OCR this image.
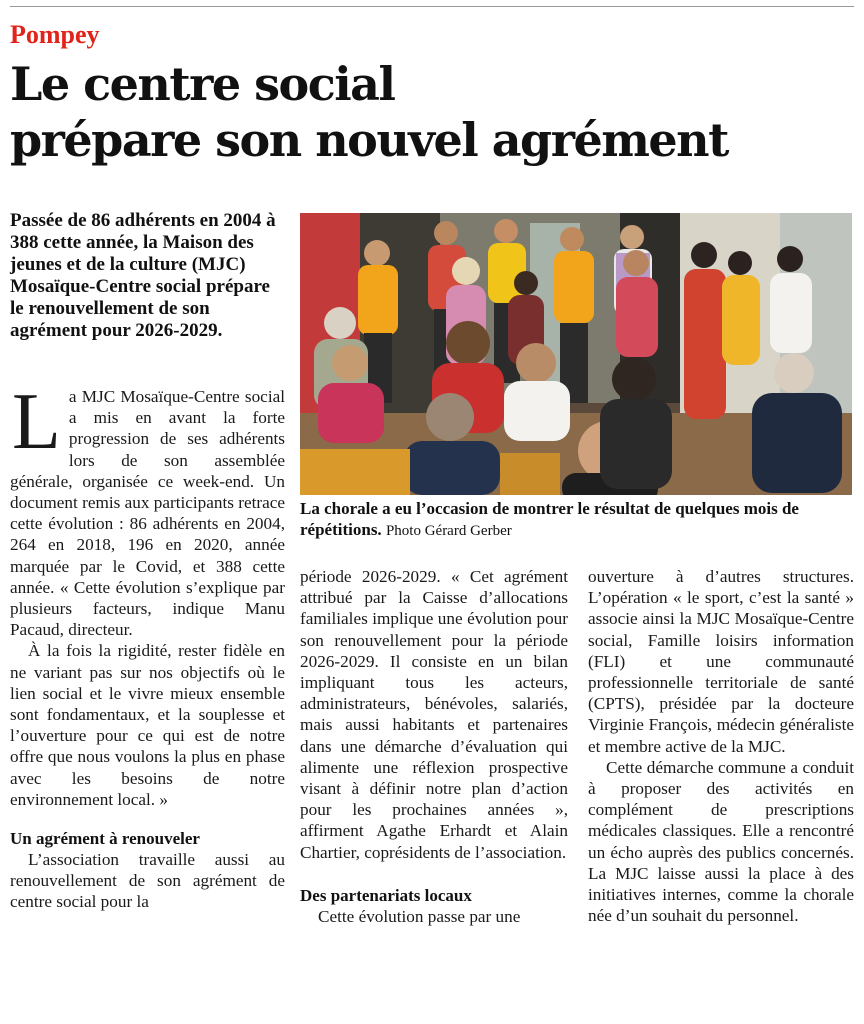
Pompey
Le centre social
prépare son nouvel agrément
Passée de 86 adhérents en 2004 à 388 cette année, la Maison des jeunes et de la culture (MJC) Mosaïque-Centre social prépare le renouvellement de son agrément pour 2026-2029.
La chorale a eu l’occasion de montrer le résultat de quelques mois de répétitions. Photo Gérard Gerber

La MJC Mosaïque-Centre social a mis en avant la forte progression de ses adhérents lors de son assemblée générale, organisée ce week-end. Un document remis aux participants retrace cette évolution : 86 adhérents en 2004, 264 en 2018, 196 en 2020, année marquée par le Covid, et 388 cette année. « Cette évolution s’explique par plusieurs facteurs, indique Manu Pacaud, directeur.

À la fois la rigidité, rester fidèle en ne variant pas sur nos objectifs où le lien social et le vivre mieux ensemble sont fondamentaux, et la souplesse et l’ouverture pour ce qui est de notre offre que nous voulons la plus en phase avec les besoins de notre environnement local. »

Un agrément à renouveler

L’association travaille aussi au renouvellement de son agrément de centre social pour la

période 2026-2029. « Cet agrément attribué par la Caisse d’allocations familiales implique une évolution pour son renouvellement pour la période 2026-2029. Il consiste en un bilan impliquant tous les acteurs, administrateurs, bénévoles, salariés, mais aussi habitants et partenaires dans une démarche d’évaluation qui alimente une réflexion prospective visant à définir notre plan d’action pour les prochaines années », affirment Agathe Erhardt et Alain Chartier, coprésidents de l’association.

Des partenariats locaux

Cette évolution passe par une

ouverture à d’autres structures. L’opération « le sport, c’est la santé » associe ainsi la MJC Mosaïque-Centre social, Famille loisirs information (FLI) et une communauté professionnelle territoriale de santé (CPTS), présidée par la docteure Virginie François, médecin généraliste et membre active de la MJC.

Cette démarche commune a conduit à proposer des activités en complément de prescriptions médicales classiques. Elle a rencontré un écho auprès des publics concernés. La MJC laisse aussi la place à des initiatives internes, comme la chorale née d’un souhait du personnel.
